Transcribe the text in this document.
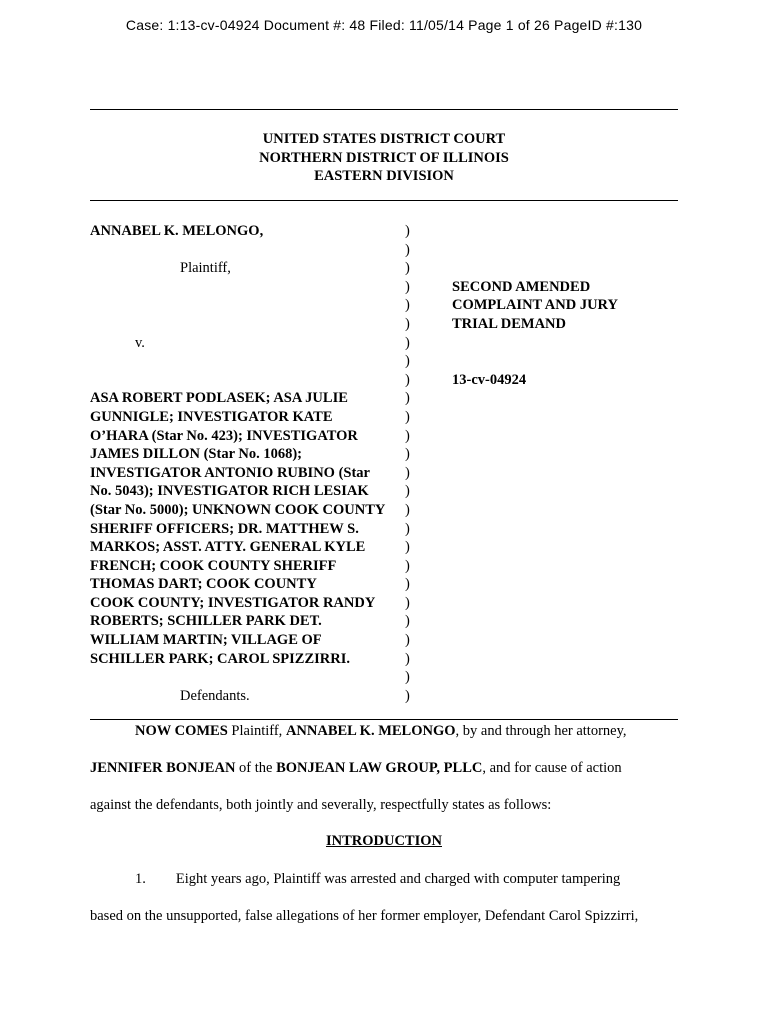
Case: 1:13-cv-04924 Document #: 48 Filed: 11/05/14 Page 1 of 26 PageID #:130
UNITED STATES DISTRICT COURT
NORTHERN DISTRICT OF ILLINOIS
EASTERN DIVISION
ANNABEL K. MELONGO,
Plaintiff,
v.
ASA ROBERT PODLASEK; ASA JULIE
GUNNIGLE; INVESTIGATOR KATE
O’HARA (Star No. 423); INVESTIGATOR
JAMES DILLON (Star No. 1068);
INVESTIGATOR ANTONIO RUBINO (Star
No. 5043); INVESTIGATOR RICH LESIAK
(Star No. 5000); UNKNOWN COOK COUNTY
SHERIFF OFFICERS; DR. MATTHEW S.
MARKOS; ASST. ATTY. GENERAL KYLE
FRENCH; COOK COUNTY SHERIFF
THOMAS DART; COOK COUNTY
COOK COUNTY; INVESTIGATOR RANDY
ROBERTS; SCHILLER PARK DET.
WILLIAM MARTIN; VILLAGE OF
SCHILLER PARK; CAROL SPIZZIRRI.
Defendants.
)
)
)
)
)
)
)
)
)
)
)
)
)
)
)
)
)
)
)
)
)
)
)
)
)
)
SECOND AMENDED
COMPLAINT AND JURY
TRIAL DEMAND
13-cv-04924
NOW COMES Plaintiff, ANNABEL K. MELONGO, by and through her attorney,
JENNIFER BONJEAN of the BONJEAN LAW GROUP, PLLC, and for cause of action
against the defendants, both jointly and severally, respectfully states as follows:
INTRODUCTION
1. Eight years ago, Plaintiff was arrested and charged with computer tampering
based on the unsupported, false allegations of her former employer, Defendant Carol Spizzirri,
